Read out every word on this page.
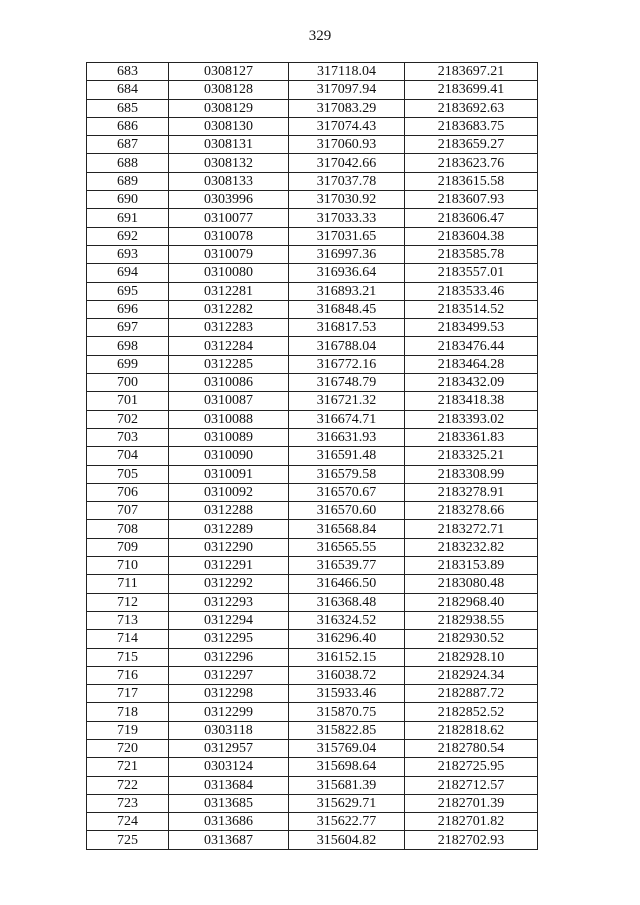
329
683	0308127	317118.04	2183697.21
684	0308128	317097.94	2183699.41
685	0308129	317083.29	2183692.63
686	0308130	317074.43	2183683.75
687	0308131	317060.93	2183659.27
688	0308132	317042.66	2183623.76
689	0308133	317037.78	2183615.58
690	0303996	317030.92	2183607.93
691	0310077	317033.33	2183606.47
692	0310078	317031.65	2183604.38
693	0310079	316997.36	2183585.78
694	0310080	316936.64	2183557.01
695	0312281	316893.21	2183533.46
696	0312282	316848.45	2183514.52
697	0312283	316817.53	2183499.53
698	0312284	316788.04	2183476.44
699	0312285	316772.16	2183464.28
700	0310086	316748.79	2183432.09
701	0310087	316721.32	2183418.38
702	0310088	316674.71	2183393.02
703	0310089	316631.93	2183361.83
704	0310090	316591.48	2183325.21
705	0310091	316579.58	2183308.99
706	0310092	316570.67	2183278.91
707	0312288	316570.60	2183278.66
708	0312289	316568.84	2183272.71
709	0312290	316565.55	2183232.82
710	0312291	316539.77	2183153.89
711	0312292	316466.50	2183080.48
712	0312293	316368.48	2182968.40
713	0312294	316324.52	2182938.55
714	0312295	316296.40	2182930.52
715	0312296	316152.15	2182928.10
716	0312297	316038.72	2182924.34
717	0312298	315933.46	2182887.72
718	0312299	315870.75	2182852.52
719	0303118	315822.85	2182818.62
720	0312957	315769.04	2182780.54
721	0303124	315698.64	2182725.95
722	0313684	315681.39	2182712.57
723	0313685	315629.71	2182701.39
724	0313686	315622.77	2182701.82
725	0313687	315604.82	2182702.93
